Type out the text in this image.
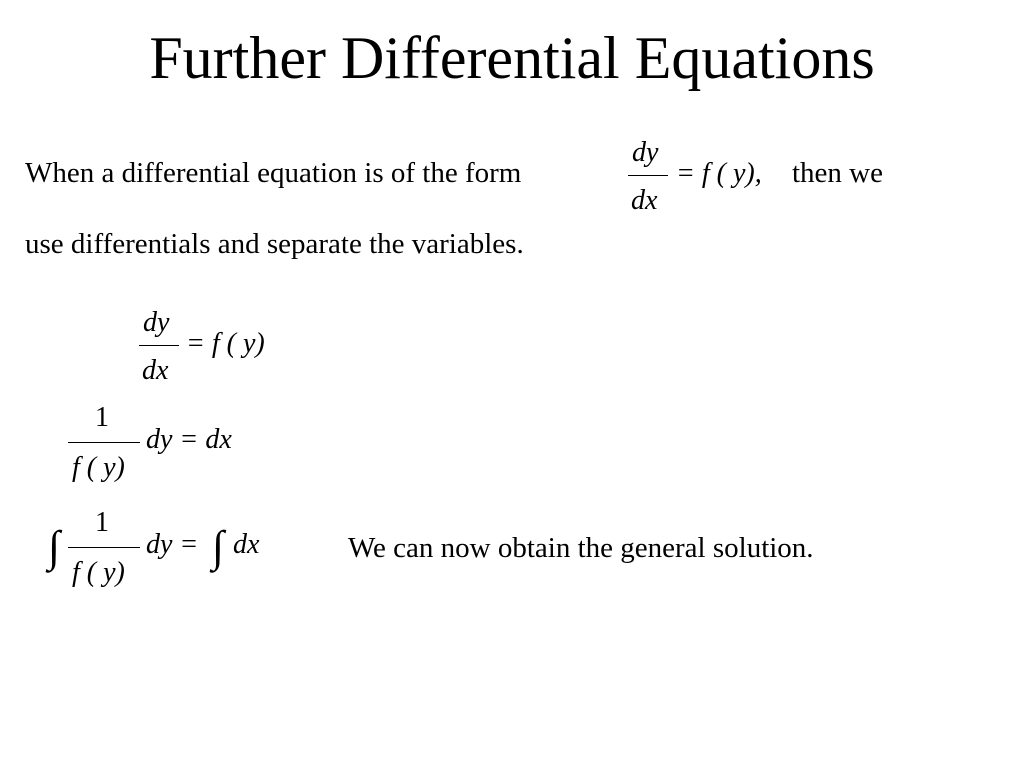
Further Differential Equations
When a differential equation is of the form
dy
dx
= f ( y), then we
use differentials and separate the variables.
dy
dx
= f ( y)
1
f ( y)
dy = dx
∫ 1
f ( y)
dy = ∫ dx	We can now obtain the general solution.
